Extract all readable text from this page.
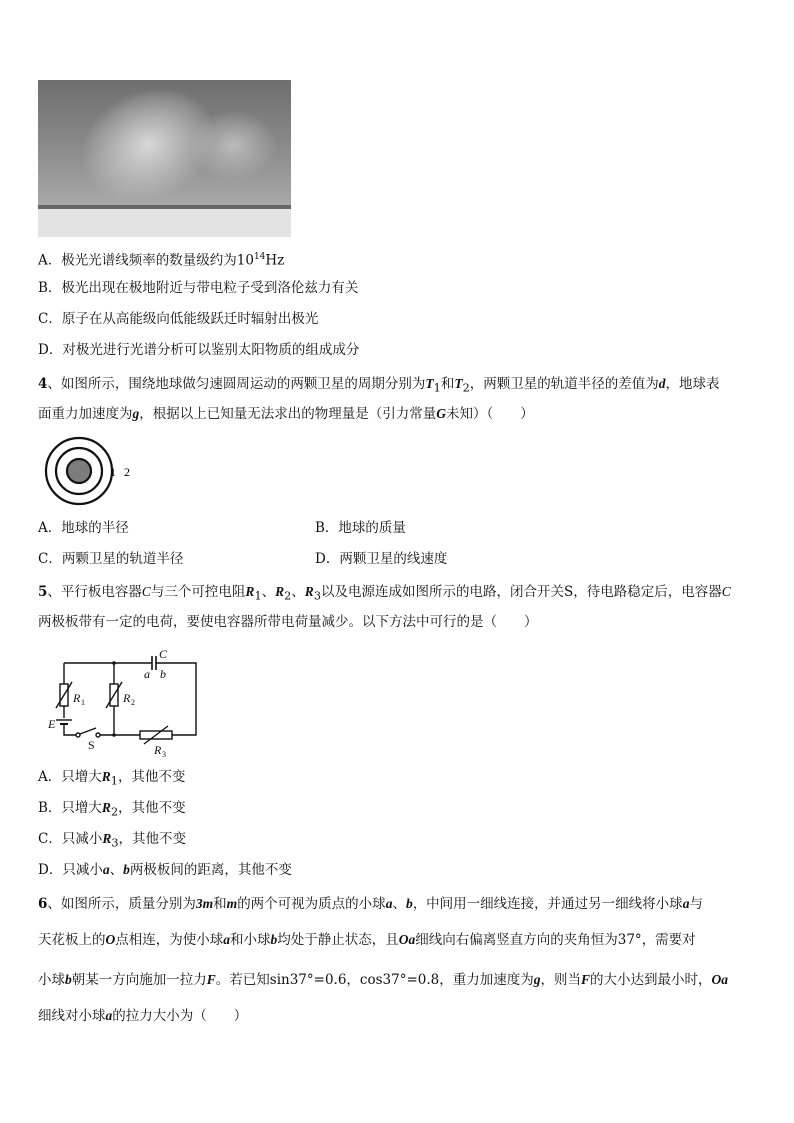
A．极光光谱线频率的数量级约为$10^{14}Hz$
B．极光出现在极地附近与带电粒子受到洛伦兹力有关
C．原子在从高能级向低能级跃迁时辐射出极光
D．对极光进行光谱分析可以鉴别太阳物质的组成成分
4、如图所示，围绕地球做匀速圆周运动的两颗卫星的周期分别为$T_1$和$T_2$，两颗卫星的轨道半径的差值为d，地球表
面重力加速度为g，根据以上已知量无法求出的物理量是（引力常量G未知）（　　）
1 2
A．地球的半径	B．地球的质量
C．两颗卫星的轨道半径	D．两颗卫星的线速度
5、平行板电容器C与三个可控电阻$R_1$、$R_2$、$R_3$以及电源连成如图所示的电路，闭合开关S，待电路稳定后，电容器C
两极板带有一定的电荷，要使电容器所带电荷量减少。以下方法中可行的是（　　）
C
a b
R	R
R
E
1	2
3
S
A．只增大$R_1$，其他不变
B．只增大$R_2$，其他不变
C．只减小$R_3$，其他不变
D．只减小a、b两极板间的距离，其他不变
6、如图所示，质量分别为3m和m的两个可视为质点的小球a、b，中间用一细线连接，并通过另一细线将小球a与
天花板上的O点相连，为使小球a和小球b均处于静止状态，且Oa细线向右偏离竖直方向的夹角恒为37°，需要对
小球b朝某一方向施加一拉力F。若已知sin37°=0.6，cos37°=0.8，重力加速度为g，则当F的大小达到最小时，Oa
细线对小球a的拉力大小为（　　）
